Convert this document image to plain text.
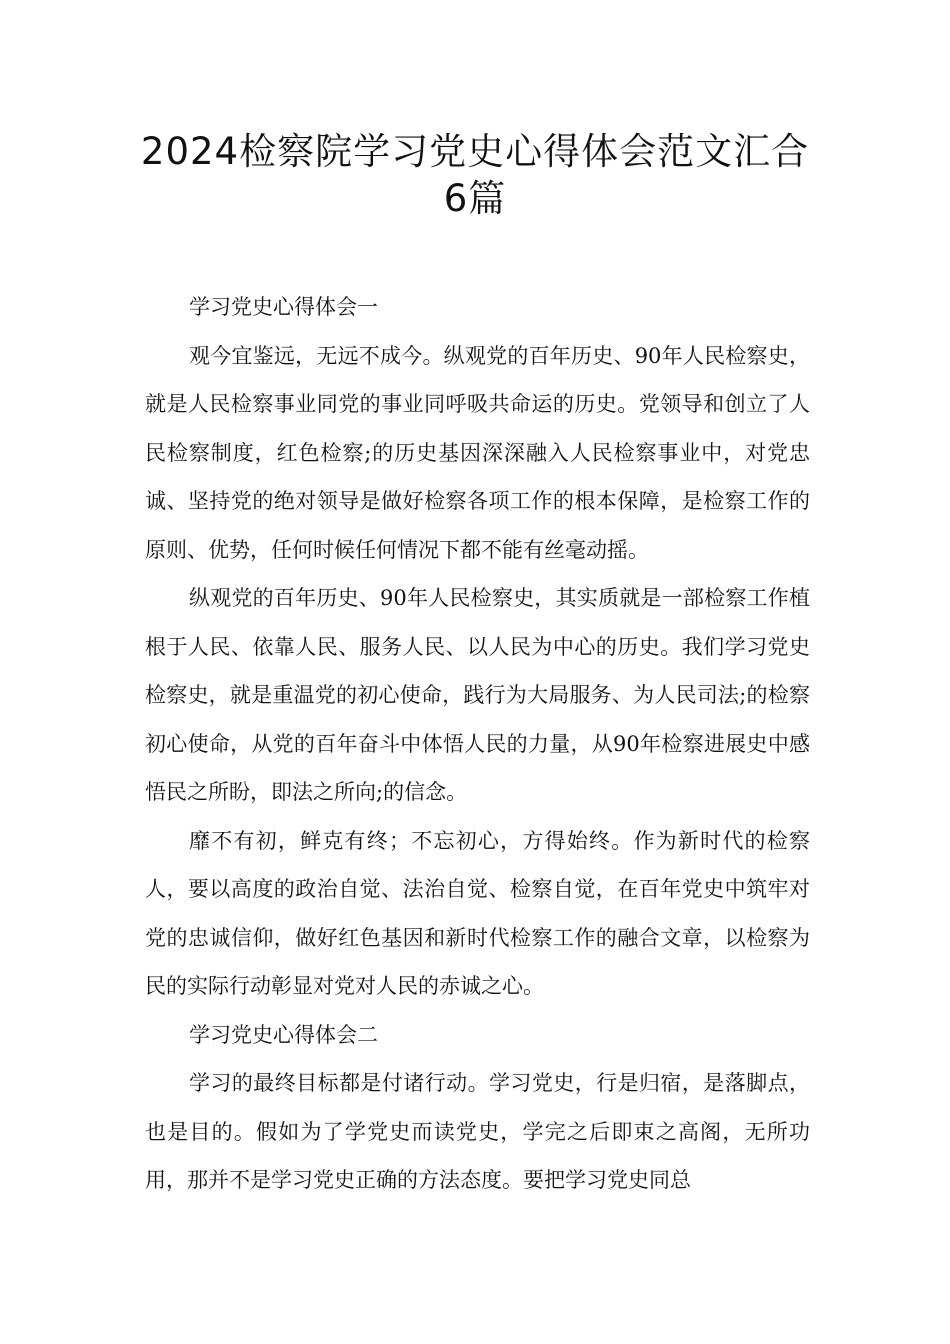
2024检察院学习党史心得体会范文汇合
6篇

学习党史心得体会一

观今宜鉴远，无远不成今。纵观党的百年历史、90年人民检察史，就是人民检察事业同党的事业同呼吸共命运的历史。党领导和创立了人民检察制度，红色检察;的历史基因深深融入人民检察事业中，对党忠诚、坚持党的绝对领导是做好检察各项工作的根本保障，是检察工作的原则、优势，任何时候任何情况下都不能有丝毫动摇。

纵观党的百年历史、90年人民检察史，其实质就是一部检察工作植根于人民、依靠人民、服务人民、以人民为中心的历史。我们学习党史检察史，就是重温党的初心使命，践行为大局服务、为人民司法;的检察初心使命，从党的百年奋斗中体悟人民的力量，从90年检察进展史中感悟民之所盼，即法之所向;的信念。

靡不有初，鲜克有终；不忘初心，方得始终。作为新时代的检察人，要以高度的政治自觉、法治自觉、检察自觉，在百年党史中筑牢对党的忠诚信仰，做好红色基因和新时代检察工作的融合文章，以检察为民的实际行动彰显对党对人民的赤诚之心。

学习党史心得体会二

学习的最终目标都是付诸行动。学习党史，行是归宿，是落脚点，也是目的。假如为了学党史而读党史，学完之后即束之高阁，无所功用，那并不是学习党史正确的方法态度。要把学习党史同总
